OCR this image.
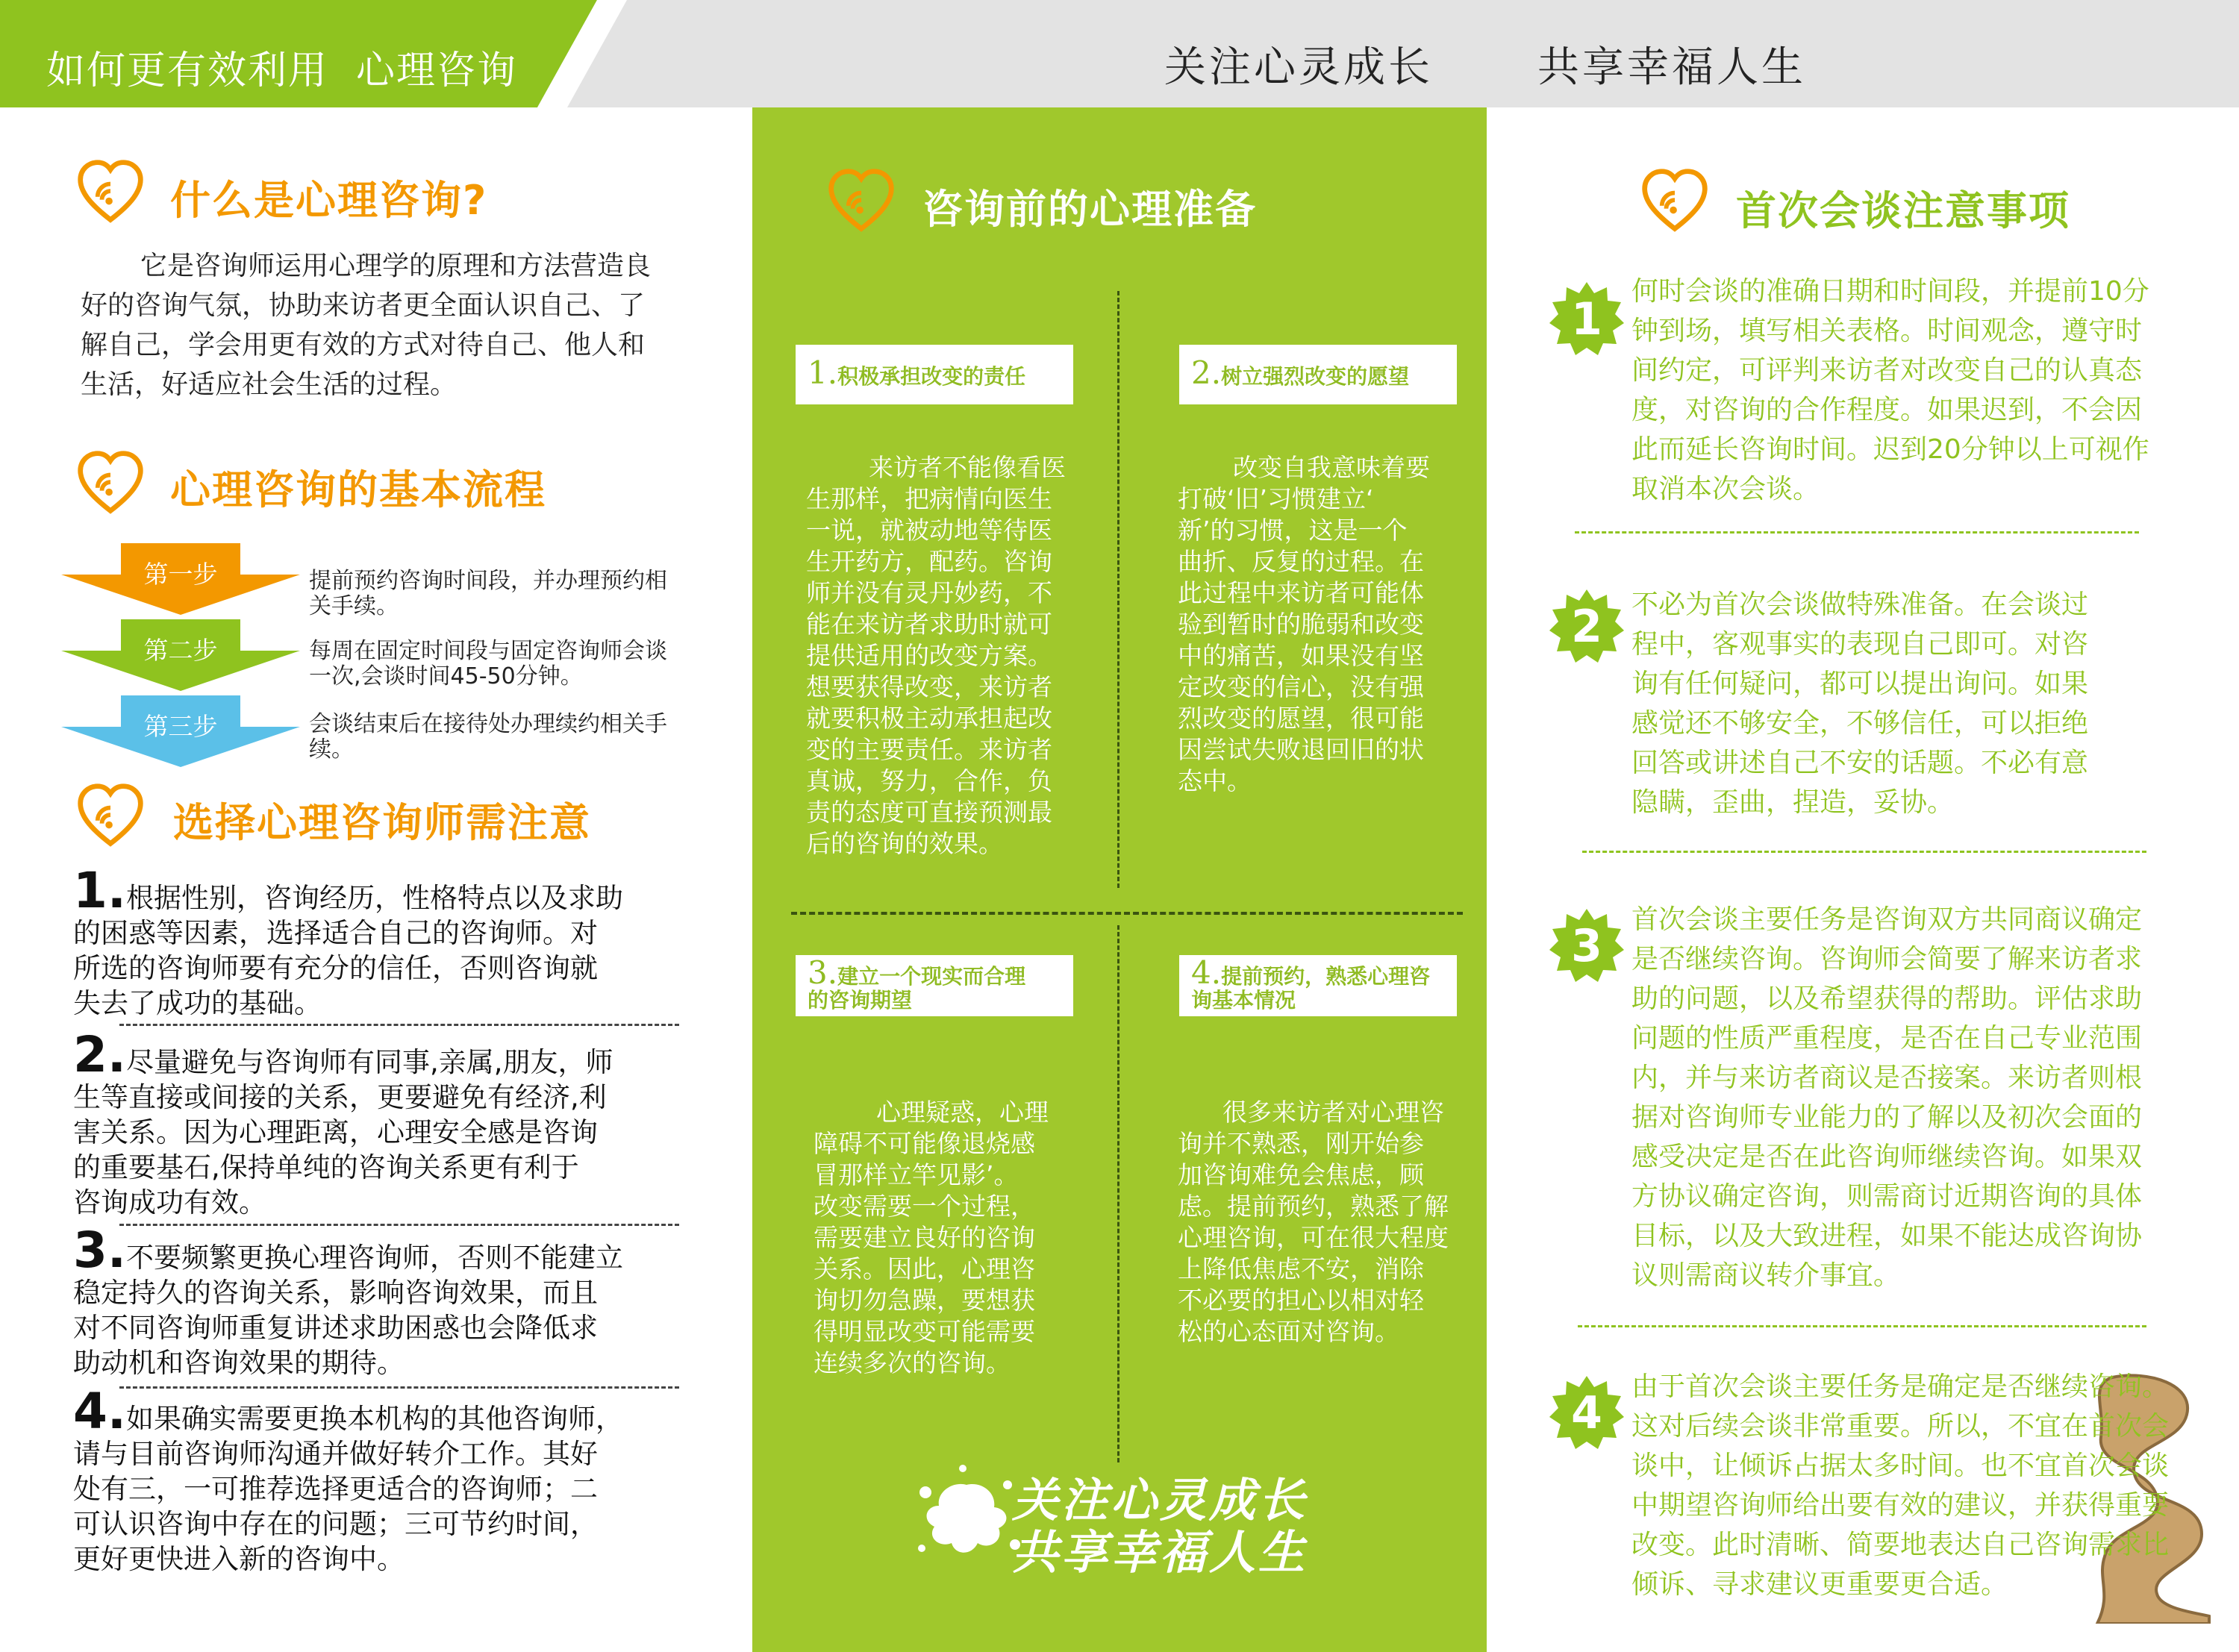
如何更有效利用  心理咨询	关注心灵成长	共享幸福人生
什么是心理咨询?
它是咨询师运用心理学的原理和方法营造良
好的咨询气氛，协助来访者更全面认识自己、了
解自己，学会用更有效的方式对待自己、他人和
生活，好适应社会生活的过程。
心理咨询的基本流程
第一步	提前预约咨询时间段，并办理预约相
关手续。
第二步	每周在固定时间段与固定咨询师会谈
一次,会谈时间45-50分钟。
第三步	会谈结束后在接待处办理续约相关手
续。
选择心理咨询师需注意
1.根据性别，咨询经历，性格特点以及求助
的困惑等因素，选择适合自己的咨询师。对
所选的咨询师要有充分的信任，否则咨询就
失去了成功的基础。
2.尽量避免与咨询师有同事,亲属,朋友，师
生等直接或间接的关系，更要避免有经济,利
害关系。因为心理距离，心理安全感是咨询
的重要基石,保持单纯的咨询关系更有利于
咨询成功有效。
3.不要频繁更换心理咨询师，否则不能建立
稳定持久的咨询关系，影响咨询效果，而且
对不同咨询师重复讲述求助困惑也会降低求
助动机和咨询效果的期待。
4.如果确实需要更换本机构的其他咨询师，
请与目前咨询师沟通并做好转介工作。其好
处有三，一可推荐选择更适合的咨询师；二
可认识咨询中存在的问题；三可节约时间，
更好更快进入新的咨询中。
咨询前的心理准备
1.积极承担改变的责任
来访者不能像看医
生那样，把病情向医生
一说，就被动地等待医
生开药方，配药。咨询
师并没有灵丹妙药，不
能在来访者求助时就可
提供适用的改变方案。
想要获得改变，来访者
就要积极主动承担起改
变的主要责任。来访者
真诚，努力，合作，负
责的态度可直接预测最
后的咨询的效果。
2.树立强烈改变的愿望
改变自我意味着要
打破‘旧’习惯建立‘
新’的习惯，这是一个
曲折、反复的过程。在
此过程中来访者可能体
验到暂时的脆弱和改变
中的痛苦，如果没有坚
定改变的信心，没有强
烈改变的愿望，很可能
因尝试失败退回旧的状
态中。
3.建立一个现实而合理
的咨询期望
心理疑惑，心理
障碍不可能像退烧感
冒那样立竿见影’。
改变需要一个过程，
需要建立良好的咨询
关系。因此，心理咨
询切勿急躁，要想获
得明显改变可能需要
连续多次的咨询。
4.提前预约，熟悉心理咨
询基本情况
很多来访者对心理咨
询并不熟悉，刚开始参
加咨询难免会焦虑，顾
虑。提前预约，熟悉了解
心理咨询，可在很大程度
上降低焦虑不安，消除
不必要的担心以相对轻
松的心态面对咨询。
关注心灵成长
共享幸福人生
首次会谈注意事项
1
何时会谈的准确日期和时间段，并提前10分
钟到场，填写相关表格。时间观念，遵守时
间约定，可评判来访者对改变自己的认真态
度，对咨询的合作程度。如果迟到，不会因
此而延长咨询时间。迟到20分钟以上可视作
取消本次会谈。
2	不必为首次会谈做特殊准备。在会谈过
程中，客观事实的表现自己即可。对咨
询有任何疑问，都可以提出询问。如果
感觉还不够安全，不够信任，可以拒绝
回答或讲述自己不安的话题。不必有意
隐瞒，歪曲，捏造，妥协。
3
首次会谈主要任务是咨询双方共同商议确定
是否继续咨询。咨询师会简要了解来访者求
助的问题，以及希望获得的帮助。评估求助
问题的性质严重程度，是否在自己专业范围
内，并与来访者商议是否接案。来访者则根
据对咨询师专业能力的了解以及初次会面的
感受决定是否在此咨询师继续咨询。如果双
方协议确定咨询，则需商讨近期咨询的具体
目标，以及大致进程，如果不能达成咨询协
议则需商议转介事宜。
4
由于首次会谈主要任务是确定是否继续咨询。
这对后续会谈非常重要。所以，不宜在首次会
谈中，让倾诉占据太多时间。也不宜首次会谈
中期望咨询师给出要有效的建议，并获得重要
改变。此时清晰、简要地表达自己咨询需求比
倾诉、寻求建议更重要更合适。
